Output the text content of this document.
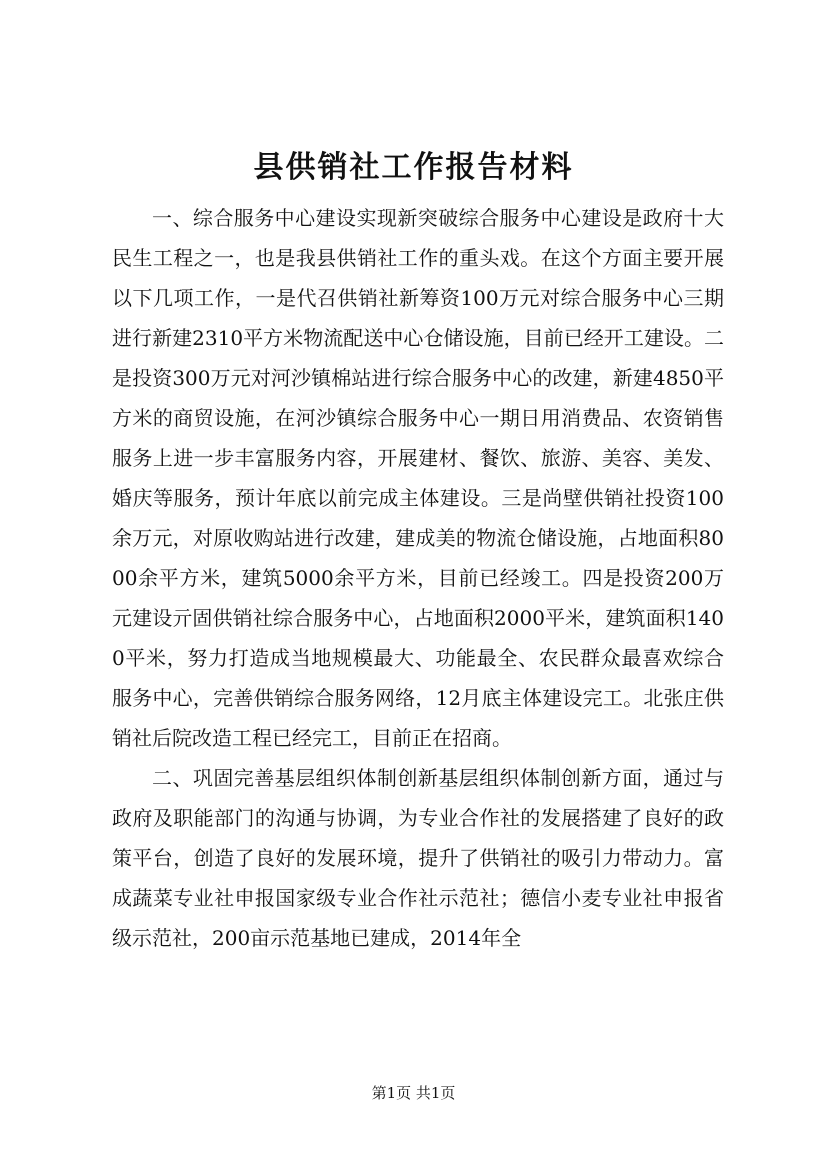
县供销社工作报告材料

一、综合服务中心建设实现新突破综合服务中心建设是政府十大民生工程之一，也是我县供销社工作的重头戏。在这个方面主要开展以下几项工作，一是代召供销社新筹资100万元对综合服务中心三期进行新建2310平方米物流配送中心仓储设施，目前已经开工建设。二是投资300万元对河沙镇棉站进行综合服务中心的改建，新建4850平方米的商贸设施，在河沙镇综合服务中心一期日用消费品、农资销售服务上进一步丰富服务内容，开展建材、餐饮、旅游、美容、美发、婚庆等服务，预计年底以前完成主体建设。三是尚壁供销社投资100余万元，对原收购站进行改建，建成美的物流仓储设施，占地面积8000余平方米，建筑5000余平方米，目前已经竣工。四是投资200万元建设亓固供销社综合服务中心，占地面积2000平米，建筑面积1400平米，努力打造成当地规模最大、功能最全、农民群众最喜欢综合服务中心，完善供销综合服务网络，12月底主体建设完工。北张庄供销社后院改造工程已经完工，目前正在招商。

二、巩固完善基层组织体制创新基层组织体制创新方面，通过与政府及职能部门的沟通与协调，为专业合作社的发展搭建了良好的政策平台，创造了良好的发展环境，提升了供销社的吸引力带动力。富成蔬菜专业社申报国家级专业合作社示范社；德信小麦专业社申报省级示范社，200亩示范基地已建成，2014年全

第1页 共1页
